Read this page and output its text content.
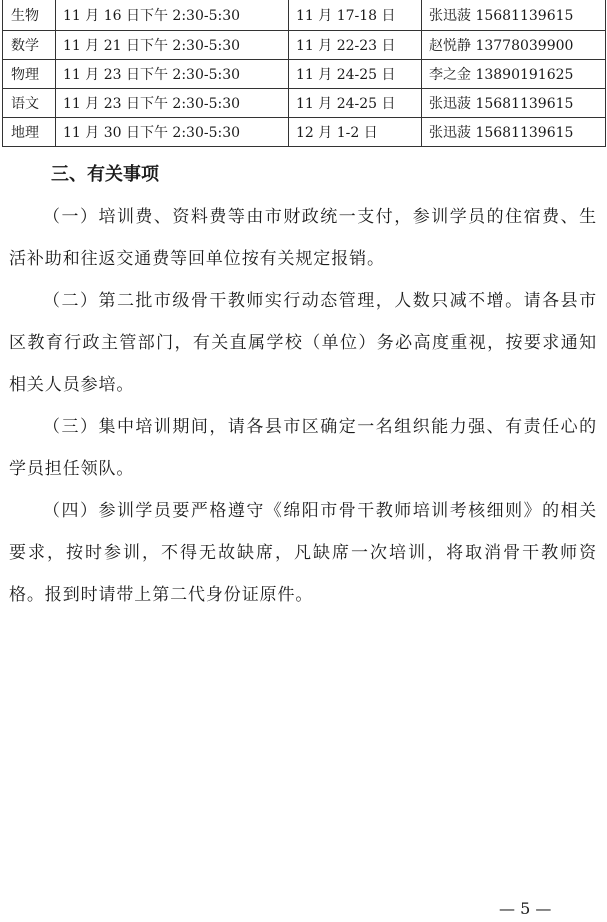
生物	11 月 16 日下午 2:30-5:30	11 月 17-18 日	张迅菠 15681139615
数学	11 月 21 日下午 2:30-5:30	11 月 22-23 日	赵悦静 13778039900
物理	11 月 23 日下午 2:30-5:30	11 月 24-25 日	李之金 13890191625
语文	11 月 23 日下午 2:30-5:30	11 月 24-25 日	张迅菠 15681139615
地理	11 月 30 日下午 2:30-5:30	12 月 1-2 日	张迅菠 15681139615
三、有关事项

（一）培训费、资料费等由市财政统一支付，参训学员的住宿费、生活补助和往返交通费等回单位按有关规定报销。

（二）第二批市级骨干教师实行动态管理，人数只减不增。请各县市区教育行政主管部门，有关直属学校（单位）务必高度重视，按要求通知相关人员参培。

（三）集中培训期间，请各县市区确定一名组织能力强、有责任心的学员担任领队。

（四）参训学员要严格遵守《绵阳市骨干教师培训考核细则》的相关要求，按时参训，不得无故缺席，凡缺席一次培训，将取消骨干教师资格。报到时请带上第二代身份证原件。

— 5 —
